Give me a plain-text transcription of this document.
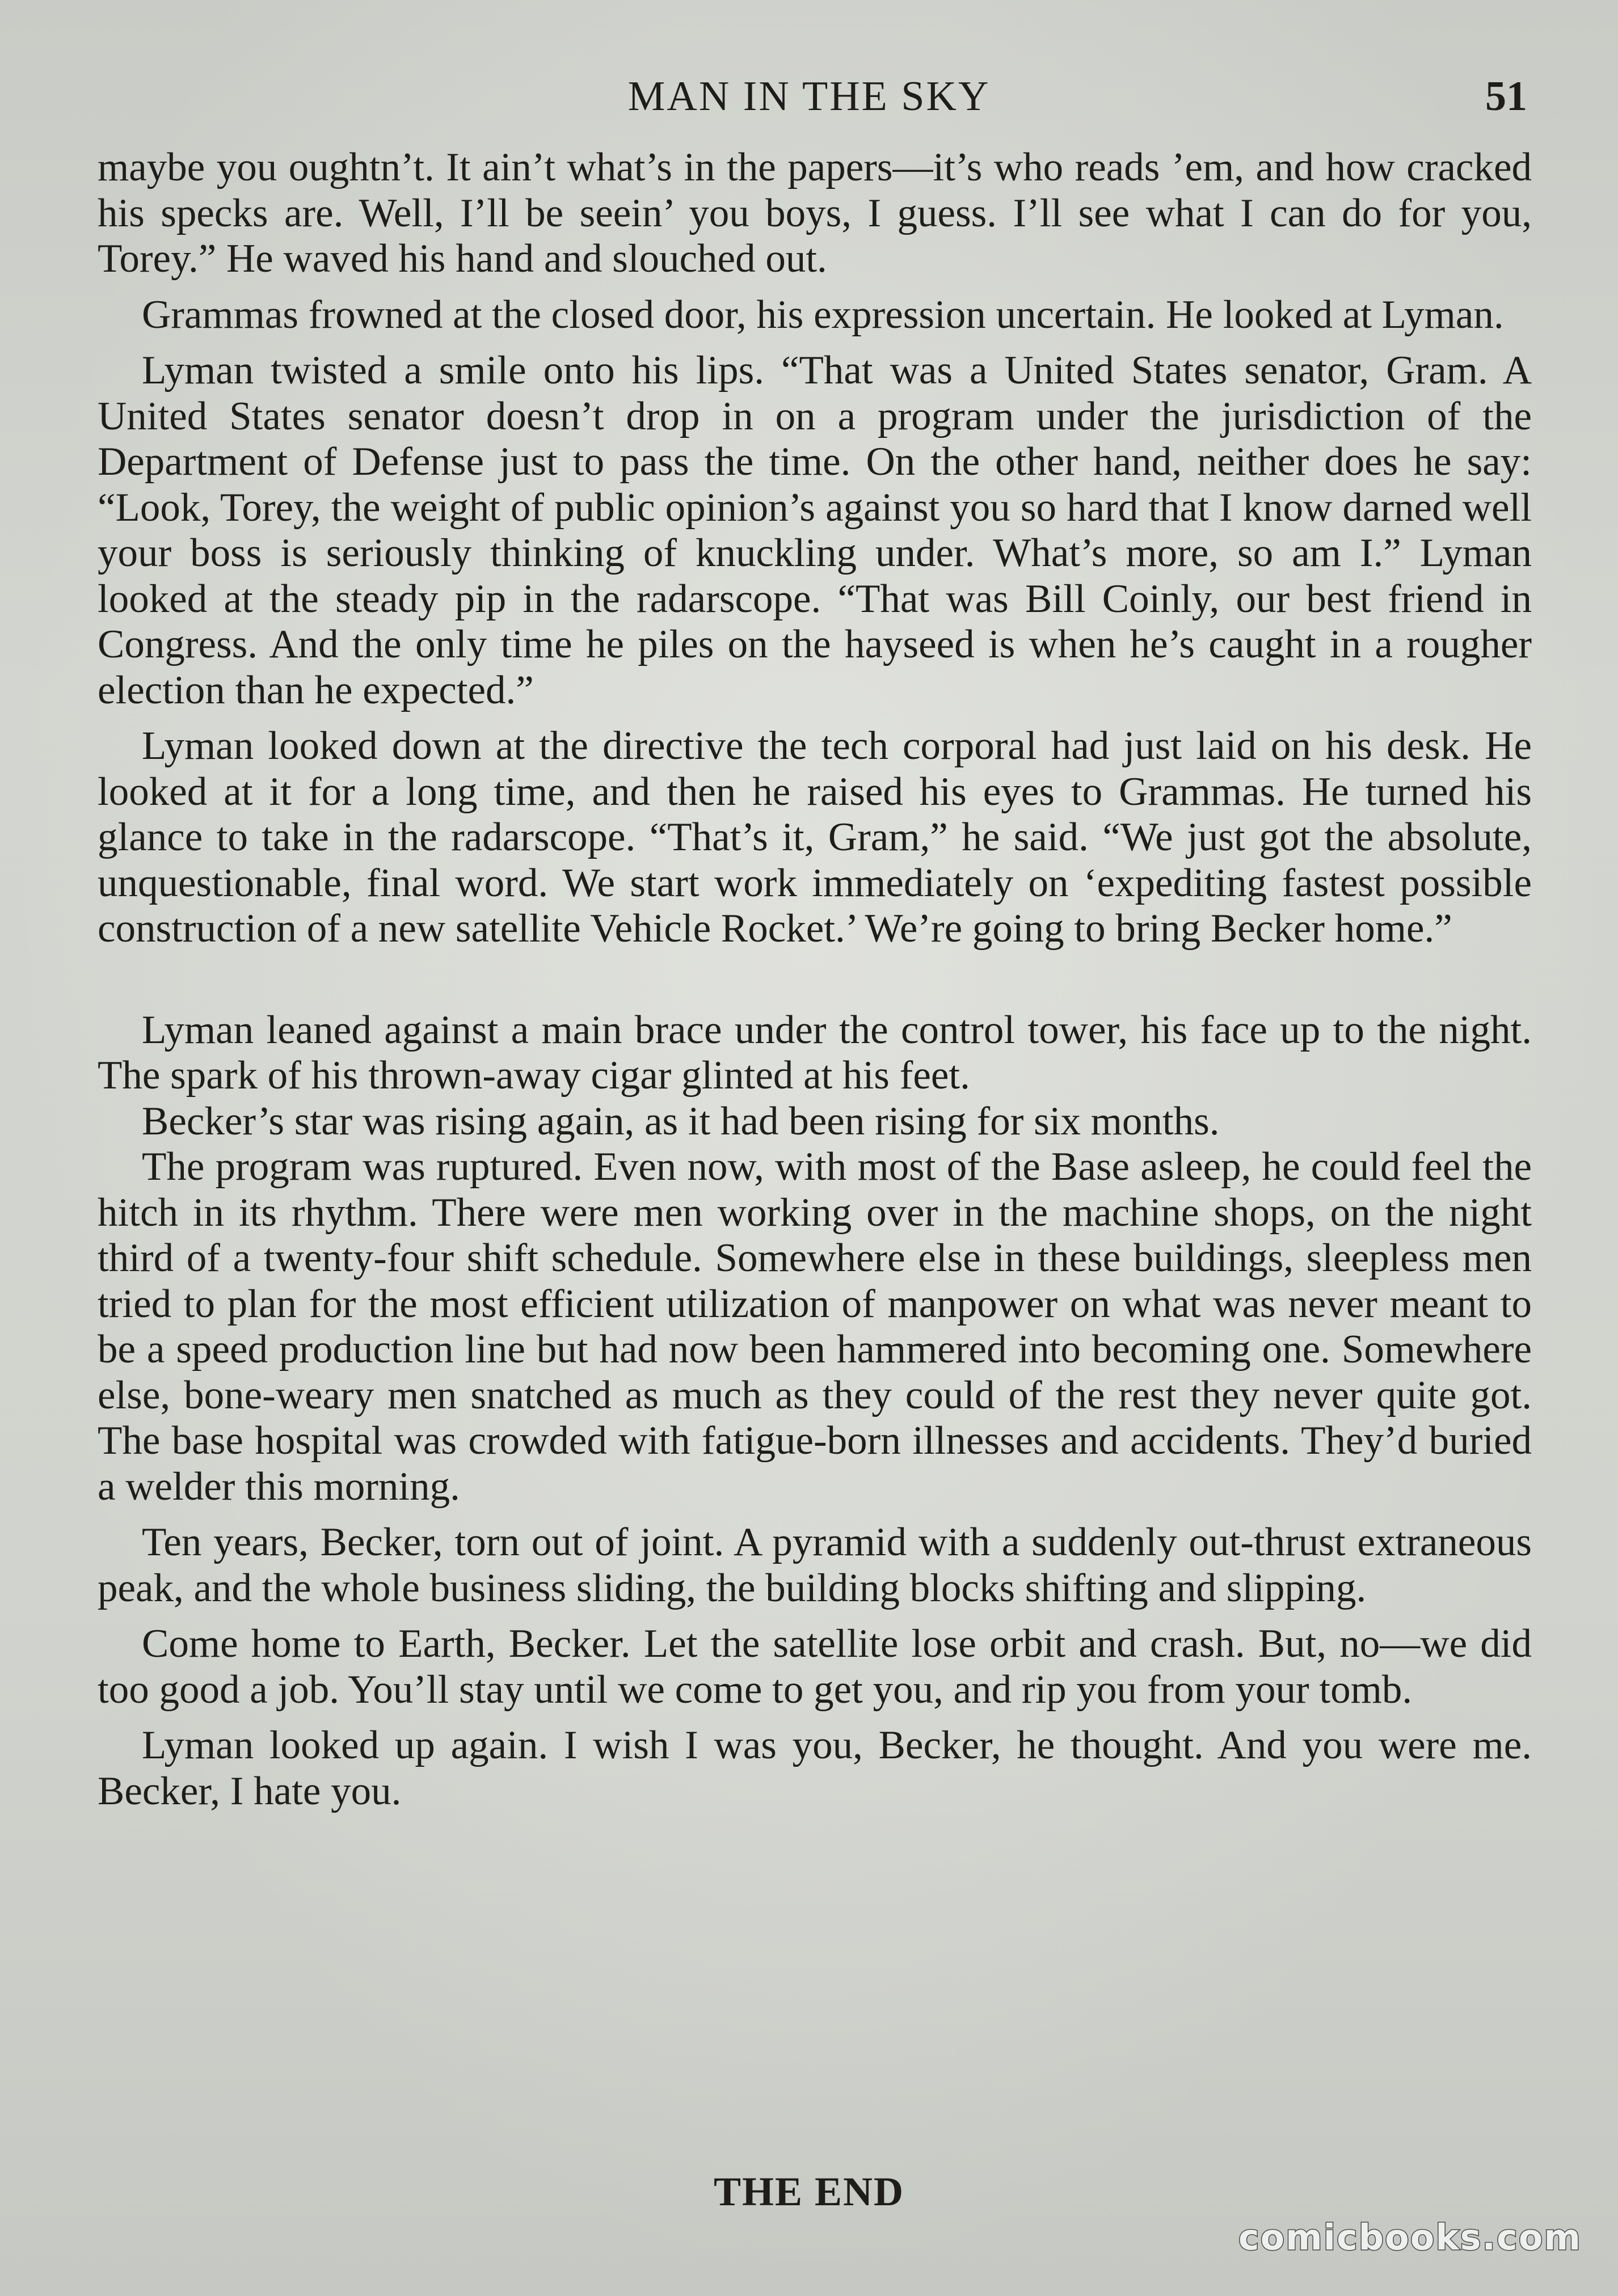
MAN IN THE SKY	51

maybe you oughtn’t. It ain’t what’s in the papers—it’s who reads ’em, and how cracked his specks are. Well, I’ll be seein’ you boys, I guess. I’ll see what I can do for you, Torey.” He waved his hand and slouched out.

Grammas frowned at the closed door, his expression uncertain. He looked at Lyman.

Lyman twisted a smile onto his lips. “That was a United States senator, Gram. A United States senator doesn’t drop in on a program under the jurisdiction of the Department of Defense just to pass the time. On the other hand, neither does he say: “Look, Torey, the weight of public opinion’s against you so hard that I know darned well your boss is seriously thinking of knuckling under. What’s more, so am I.” Lyman looked at the steady pip in the radarscope. “That was Bill Coinly, our best friend in Congress. And the only time he piles on the hayseed is when he’s caught in a rougher election than he expected.”

Lyman looked down at the directive the tech corporal had just laid on his desk. He looked at it for a long time, and then he raised his eyes to Grammas. He turned his glance to take in the radarscope. “That’s it, Gram,” he said. “We just got the absolute, unquestionable, final word. We start work immediately on ‘expediting fastest possible construction of a new satellite Vehicle Rocket.’ We’re going to bring Becker home.”

Lyman leaned against a main brace under the control tower, his face up to the night. The spark of his thrown-away cigar glinted at his feet.

Becker’s star was rising again, as it had been rising for six months.

The program was ruptured. Even now, with most of the Base asleep, he could feel the hitch in its rhythm. There were men working over in the machine shops, on the night third of a twenty-four shift schedule. Somewhere else in these buildings, sleepless men tried to plan for the most efficient utilization of manpower on what was never meant to be a speed production line but had now been hammered into becoming one. Somewhere else, bone-weary men snatched as much as they could of the rest they never quite got. The base hospital was crowded with fatigue-born illnesses and accidents. They’d buried a welder this morning.

Ten years, Becker, torn out of joint. A pyramid with a suddenly out-thrust extraneous peak, and the whole business sliding, the building blocks shifting and slipping.

Come home to Earth, Becker. Let the satellite lose orbit and crash. But, no—we did too good a job. You’ll stay until we come to get you, and rip you from your tomb.

Lyman looked up again. I wish I was you, Becker, he thought. And you were me. Becker, I hate you.

THE END
comicbooks.com
